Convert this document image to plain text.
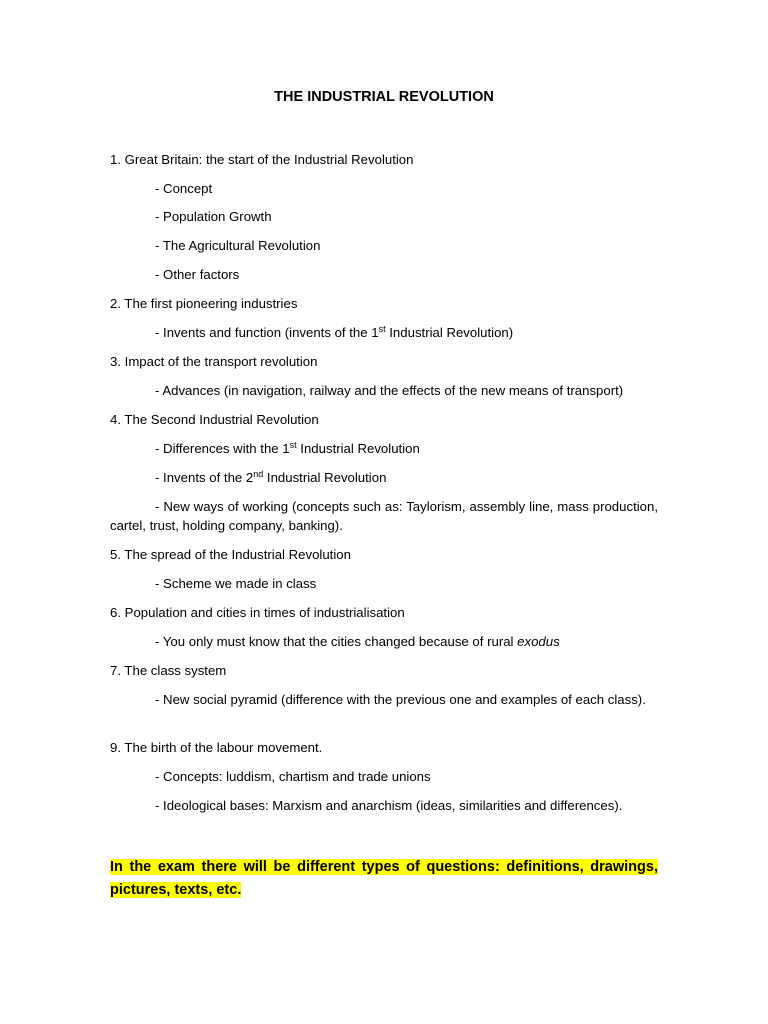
THE INDUSTRIAL REVOLUTION
1. Great Britain: the start of the Industrial Revolution
- Concept
- Population Growth
- The Agricultural Revolution
- Other factors
2. The first pioneering industries
- Invents and function (invents of the 1st Industrial Revolution)
3. Impact of the transport revolution
- Advances (in navigation, railway and the effects of the new means of transport)
4. The Second Industrial Revolution
- Differences with the 1st Industrial Revolution
- Invents of the 2nd Industrial Revolution
- New ways of working (concepts such as: Taylorism, assembly line, mass production, cartel, trust, holding company, banking).
5. The spread of the Industrial Revolution
- Scheme we made in class
6. Population and cities in times of industrialisation
- You only must know that the cities changed because of rural exodus
7. The class system
- New social pyramid (difference with the previous one and examples of each class).
9. The birth of the labour movement.
- Concepts: luddism, chartism and trade unions
- Ideological bases: Marxism and anarchism (ideas, similarities and differences).
In the exam there will be different types of questions: definitions, drawings, pictures, texts, etc.
